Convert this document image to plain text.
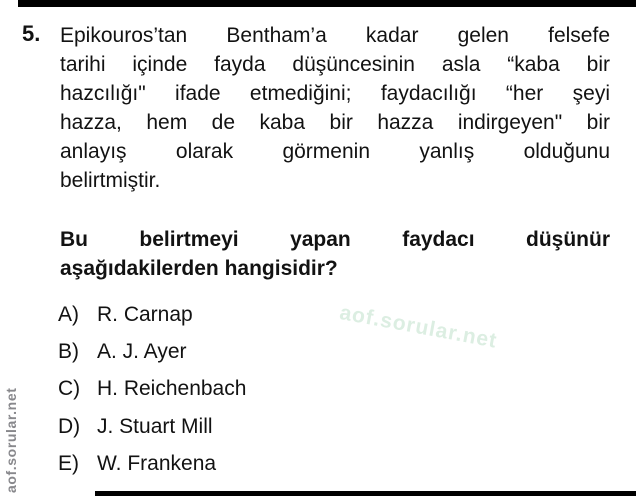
aof.sorular.net
aof.sorular.net
5. Epikouros’tan Bentham’a kadar gelen felsefe
tarihi içinde fayda düşüncesinin asla “kaba bir
hazcılığı" ifade etmediğini; faydacılığı “her şeyi
hazza, hem de kaba bir hazza indirgeyen" bir
anlayış olarak görmenin yanlış olduğunu
belirtmiştir.
Bu belirtmeyi yapan faydacı düşünür
aşağıdakilerden hangisidir?
A) R. Carnap
B) A. J. Ayer
C) H. Reichenbach
D) J. Stuart Mill
E) W. Frankena
